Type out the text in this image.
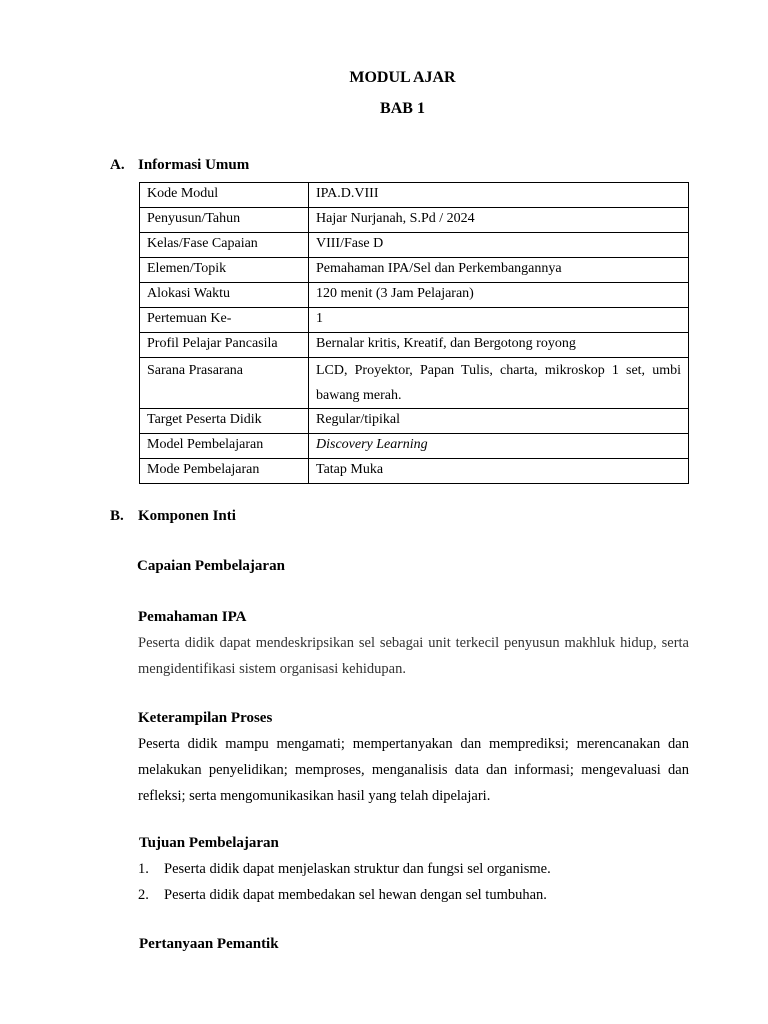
MODUL AJAR
BAB 1
A. Informasi Umum
Kode Modul	IPA.D.VIII
Penyusun/Tahun	Hajar Nurjanah, S.Pd / 2024
Kelas/Fase Capaian	VIII/Fase D
Elemen/Topik	Pemahaman IPA/Sel dan Perkembangannya
Alokasi Waktu	120 menit (3 Jam Pelajaran)
Pertemuan Ke-	1
Profil Pelajar Pancasila	Bernalar kritis, Kreatif, dan Bergotong royong
Sarana Prasarana	LCD, Proyektor, Papan Tulis, charta, mikroskop 1 set, umbi bawang merah.
Target Peserta Didik	Regular/tipikal
Model Pembelajaran	Discovery Learning
Mode Pembelajaran	Tatap Muka
B. Komponen Inti
Capaian Pembelajaran
Pemahaman IPA
Peserta didik dapat mendeskripsikan sel sebagai unit terkecil penyusun makhluk hidup, serta mengidentifikasi sistem organisasi kehidupan.
Keterampilan Proses
Peserta didik mampu mengamati; mempertanyakan dan memprediksi; merencanakan dan melakukan penyelidikan; memproses, menganalisis data dan informasi; mengevaluasi dan refleksi; serta mengomunikasikan hasil yang telah dipelajari.
Tujuan Pembelajaran
1. Peserta didik dapat menjelaskan struktur dan fungsi sel organisme.
2. Peserta didik dapat membedakan sel hewan dengan sel tumbuhan.
Pertanyaan Pemantik
